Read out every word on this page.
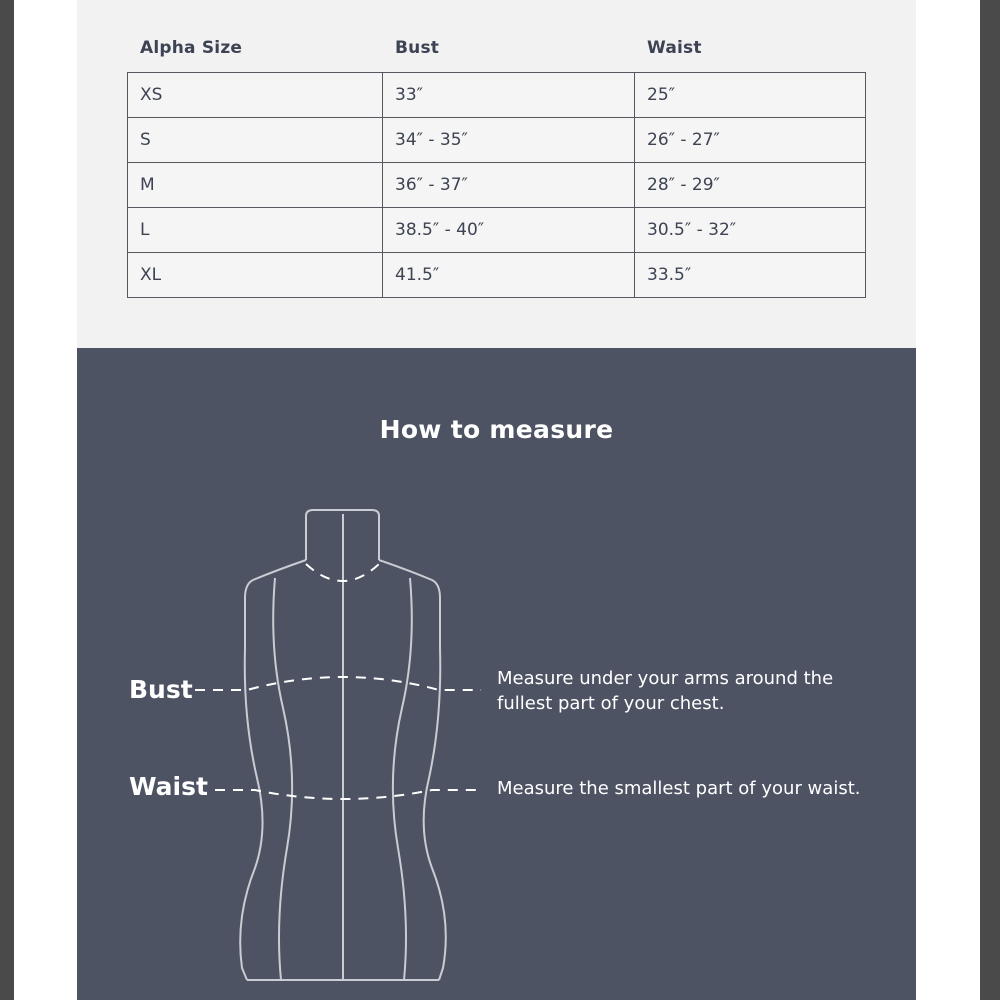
Alpha Size	Bust	Waist
XS	33″	25″
S	34″ - 35″	26″ - 27″
M	36″ - 37″	28″ - 29″
L	38.5″ - 40″	30.5″ - 32″
XL	41.5″	33.5″
How to measure
Bust
Waist
Measure under your arms around the
fullest part of your chest.
Measure the smallest part of your waist.
